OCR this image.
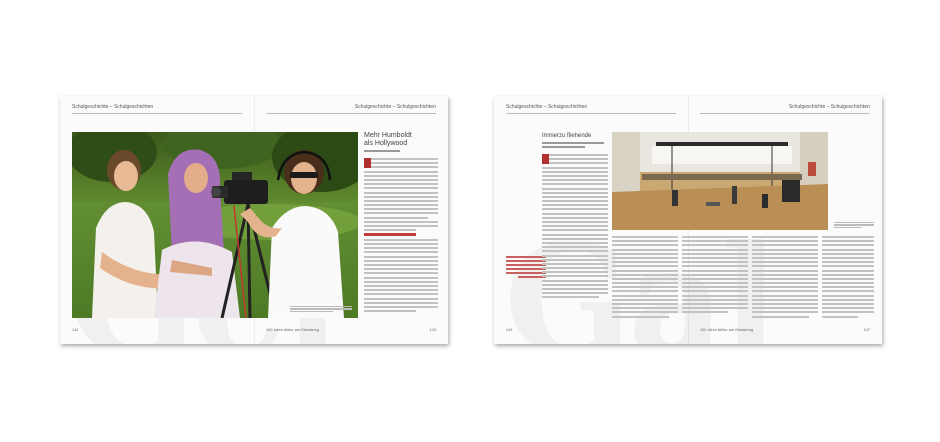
Schulgeschichte – Schulgeschichten	Schulgeschichte – Schulgeschichten
Mehr Humboldt
als Hollywood
142	100 Jahre Abitur am Gendarmg	143
Schulgeschichte – Schulgeschichten	Schulgeschichte – Schulgeschichten
Immerzu fliehende
144	100 Jahre Abitur am Gendarmg	147
